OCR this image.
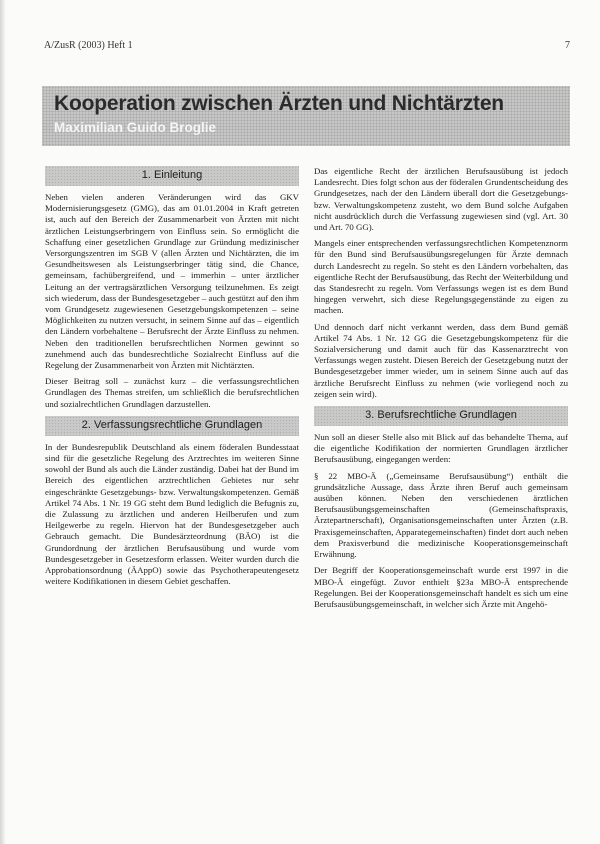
A/ZusR (2003) Heft 1	7
Kooperation zwischen Ärzten und Nichtärzten
Maximilian Guido Broglie
1. Einleitung

Neben vielen anderen Veränderungen wird das GKV Modernisierungsgesetz (GMG), das am 01.01.2004 in Kraft getreten ist, auch auf den Bereich der Zusammenarbeit von Ärzten mit nicht ärztlichen Leistungserbringern von Einfluss sein. So ermöglicht die Schaffung einer gesetzlichen Grundlage zur Gründung medizinischer Versorgungszentren im SGB V (allen Ärzten und Nichtärzten, die im Gesundheitswesen als Leistungserbringer tätig sind, die Chance, gemeinsam, fachübergreifend, und – immerhin – unter ärztlicher Leitung an der vertragsärztlichen Versorgung teilzunehmen. Es zeigt sich wiederum, dass der Bundesgesetzgeber – auch gestützt auf den ihm vom Grundgesetz zugewiesenen Gesetzgebungskompetenzen – seine Möglichkeiten zu nutzen versucht, in seinem Sinne auf das – eigentlich den Ländern vorbehaltene – Berufsrecht der Ärzte Einfluss zu nehmen. Neben den traditionellen berufsrechtlichen Normen gewinnt so zunehmend auch das bundesrechtliche Sozialrecht Einfluss auf die Regelung der Zusammenarbeit von Ärzten mit Nichtärzten.

Dieser Beitrag soll – zunächst kurz – die verfassungsrechtlichen Grundlagen des Themas streifen, um schließlich die berufsrechtlichen und sozialrechtlichen Grundlagen darzustellen.

2. Verfassungsrechtliche Grundlagen

In der Bundesrepublik Deutschland als einem föderalen Bundesstaat sind für die gesetzliche Regelung des Arztrechtes im weiteren Sinne sowohl der Bund als auch die Länder zuständig. Dabei hat der Bund im Bereich des eigentlichen arztrechtlichen Gebietes nur sehr eingeschränkte Gesetzgebungs- bzw. Verwaltungskompetenzen. Gemäß Artikel 74 Abs. 1 Nr. 19 GG steht dem Bund lediglich die Befugnis zu, die Zulassung zu ärztlichen und anderen Heilberufen und zum Heilgewerbe zu regeln. Hiervon hat der Bundesgesetzgeber auch Gebrauch gemacht. Die Bundesärzteordnung (BÄO) ist die Grundordnung der ärztlichen Berufsausübung und wurde vom Bundesgesetzgeber in Gesetzesform erlassen. Weiter wurden durch die Approbationsordnung (ÄAppO) sowie das Psychotherapeutengesetz weitere Kodifikationen in diesem Gebiet geschaffen.

Das eigentliche Recht der ärztlichen Berufsausübung ist jedoch Landesrecht. Dies folgt schon aus der föderalen Grundentscheidung des Grundgesetzes, nach der den Ländern überall dort die Gesetzgebungs- bzw. Verwaltungskompetenz zusteht, wo dem Bund solche Aufgaben nicht ausdrücklich durch die Verfassung zugewiesen sind (vgl. Art. 30 und Art. 70 GG).

Mangels einer entsprechenden verfassungsrechtlichen Kompetenznorm für den Bund sind Berufsausübungsregelungen für Ärzte demnach durch Landesrecht zu regeln. So steht es den Ländern vorbehalten, das eigentliche Recht der Berufsausübung, das Recht der Weiterbildung und das Standesrecht zu regeln. Vom Verfassungs wegen ist es dem Bund hingegen verwehrt, sich diese Regelungsgegenstände zu eigen zu machen.

Und dennoch darf nicht verkannt werden, dass dem Bund gemäß Artikel 74 Abs. 1 Nr. 12 GG die Gesetzgebungskompetenz für die Sozialversicherung und damit auch für das Kassenarztrecht von Verfassungs wegen zusteht. Diesen Bereich der Gesetzgebung nutzt der Bundesgesetzgeber immer wieder, um in seinem Sinne auch auf das ärztliche Berufsrecht Einfluss zu nehmen (wie vorliegend noch zu zeigen sein wird).

3. Berufsrechtliche Grundlagen

Nun soll an dieser Stelle also mit Blick auf das behandelte Thema, auf die eigentliche Kodifikation der normierten Grundlagen ärztlicher Berufsausübung, eingegangen werden:

§ 22 MBO-Ä („Gemeinsame Berufsausübung“) enthält die grundsätzliche Aussage, dass Ärzte ihren Beruf auch gemeinsam ausüben können. Neben den verschiedenen ärztlichen Berufsausübungsgemeinschaften (Gemeinschaftspraxis, Ärztepartnerschaft), Organisationsgemeinschaften unter Ärzten (z.B. Praxisgemeinschaften, Apparategemeinschaften) findet dort auch neben dem Praxisverbund die medizinische Kooperationsgemeinschaft Erwähnung.

Der Begriff der Kooperationsgemeinschaft wurde erst 1997 in die MBO-Ä eingefügt. Zuvor enthielt §23a MBO-Ä entsprechende Regelungen. Bei der Kooperationsgemeinschaft handelt es sich um eine Berufsausübungsgemeinschaft, in welcher sich Ärzte mit Angehö-
